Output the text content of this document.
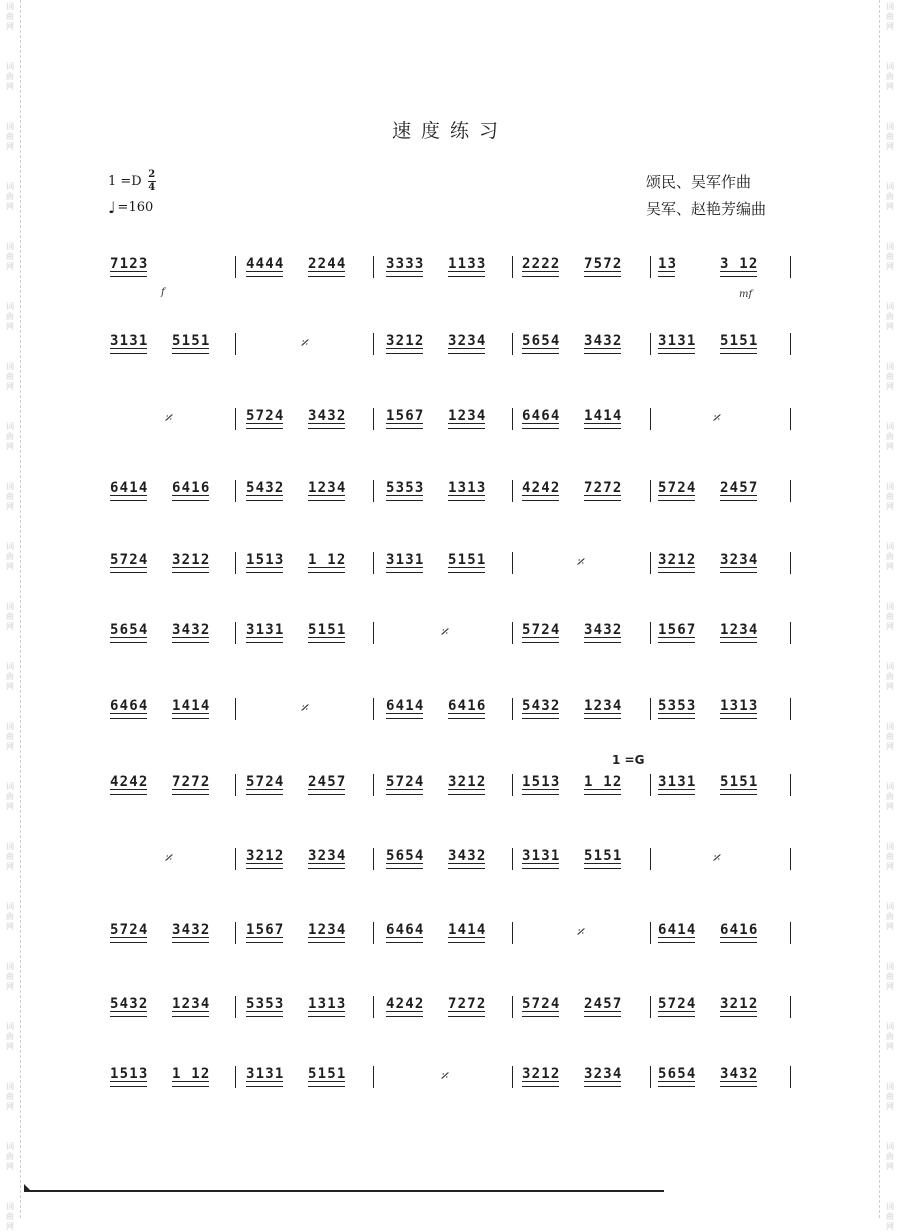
词
曲
网
词
曲
网
词
曲
网
词
曲
网
词
曲
网
词
曲
网
词
曲
网
词
曲
网
词
曲
网
词
曲
网
词
曲
网
词
曲
网
词
曲
网
词
曲
网
词
曲
网
词
曲
网
词
曲
网
词
曲
网
词
曲
网
词
曲
网
词
曲
网
词
曲
网
词
曲
网
词
曲
网
词
曲
网
词
曲
网
词
曲
网
词
曲
网
词
曲
网
词
曲
网
词
曲
网
词
曲
网
词
曲
网
词
曲
网
词
曲
网
词
曲
网
词
曲
网
词
曲
网
词
曲
网
词
曲
网
词
曲
网
词
曲
网
速度练习
1 =D 2
4
♩ =160
颂民、吴军作曲
吴军、赵艳芳编曲
7123	4444 2244	3333 1133	2222 7572	13	3 12
3131 5151	𝄎	3212 3234	5654 3432	3131 5151
𝄎	5724 3432	1567 1234	6464 1414	𝄎
6414 6416	5432 1234	5353 1313	4242 7272	5724 2457
5724 3212	1513 1 12	3131 5151	𝄎	3212 3234
5654 3432	3131 5151	𝄎	5724 3432	1567 1234
6464 1414	𝄎	6414 6416	5432 1234	5353 1313
4242 7272	5724 2457	5724 3212	1513 1 12	3131 5151
𝄎	3212 3234	5654 3432	3131 5151	𝄎
5724 3432	1567 1234	6464 1414	𝄎	6414 6416
5432 1234	5353 1313	4242 7272	5724 2457	5724 3212
1513 1 12	3131 5151	𝄎	3212 3234	5654 3432
f	mf
1 =G
